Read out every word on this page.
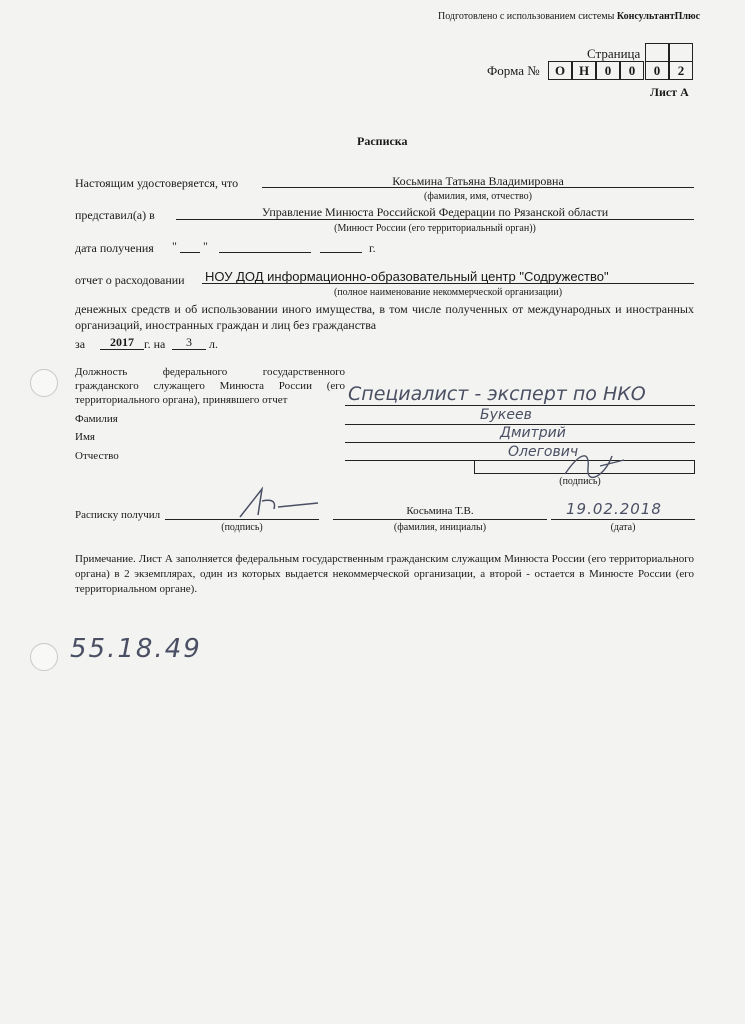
Подготовлено с использованием системы КонсультантПлюс
Страница
Форма №	О	Н	0	0	0	2
Лист А
Расписка
Настоящим удостоверяется, что	Косьмина Татьяна Владимировна
(фамилия, имя, отчество)
представил(а) в	Управление Минюста Российской Федерации по Рязанской области
(Минюст России (его территориальный орган))
дата получения " "	г.
отчет о расходовании НОУ ДОД информационно-образовательный центр "Содружество"
(полное наименование некоммерческой организации)
денежных средств и об использовании иного имущества, в том числе полученных от международных и иностранных организаций, иностранных граждан и лиц без гражданства
за	2017 г. на	3	л.
Должность федерального государственного гражданского служащего Минюста России (его территориального органа), принявшего отчет	Специалист - эксперт по НКО
Фамилия	Букеев
Имя	Дмитрий
Отчество	Олегович
(подпись)
Расписку получил
(подпись)
Косьмина Т.В.
(фамилия, инициалы)
19.02.2018
(дата)
Примечание. Лист А заполняется федеральным государственным гражданским служащим Минюста России (его территориального органа) в 2 экземплярах, один из которых выдается некоммерческой организации, а второй - остается в Минюсте России (его территориальном органе).
55.18.49
